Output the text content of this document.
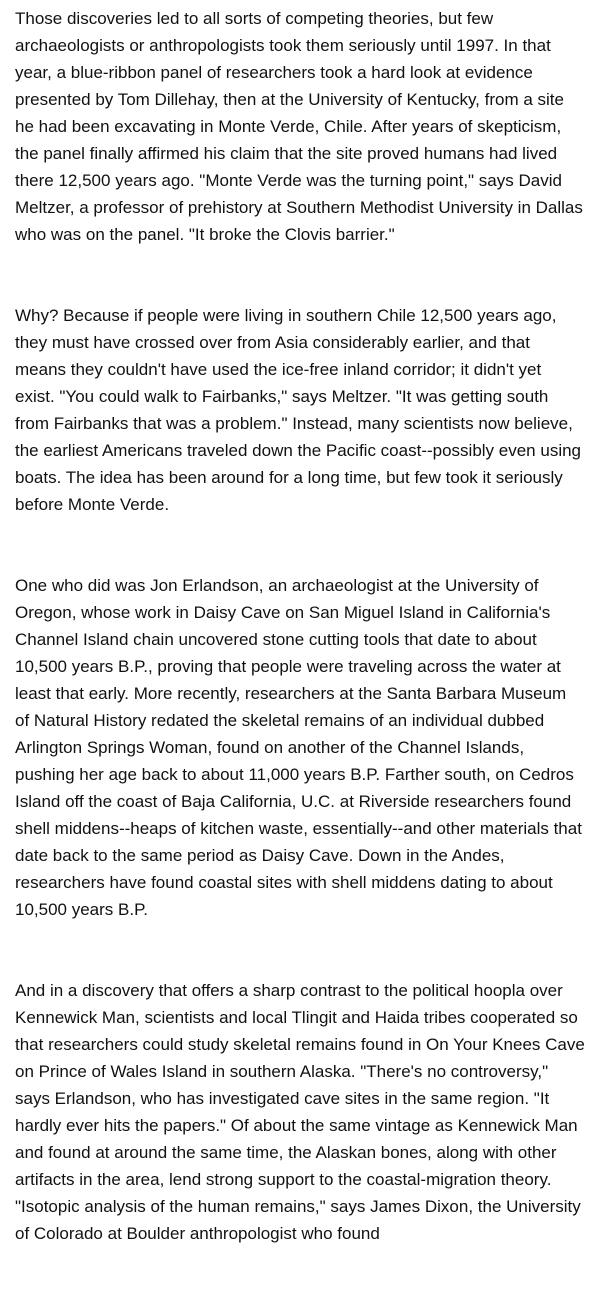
Those discoveries led to all sorts of competing theories, but few archaeologists or anthropologists took them seriously until 1997. In that year, a blue-ribbon panel of researchers took a hard look at evidence presented by Tom Dillehay, then at the University of Kentucky, from a site he had been excavating in Monte Verde, Chile. After years of skepticism, the panel finally affirmed his claim that the site proved humans had lived there 12,500 years ago. "Monte Verde was the turning point," says David Meltzer, a professor of prehistory at Southern Methodist University in Dallas who was on the panel. "It broke the Clovis barrier."

Why? Because if people were living in southern Chile 12,500 years ago, they must have crossed over from Asia considerably earlier, and that means they couldn't have used the ice-free inland corridor; it didn't yet exist. "You could walk to Fairbanks," says Meltzer. "It was getting south from Fairbanks that was a problem." Instead, many scientists now believe, the earliest Americans traveled down the Pacific coast--possibly even using boats. The idea has been around for a long time, but few took it seriously before Monte Verde.

One who did was Jon Erlandson, an archaeologist at the University of Oregon, whose work in Daisy Cave on San Miguel Island in California's Channel Island chain uncovered stone cutting tools that date to about 10,500 years B.P., proving that people were traveling across the water at least that early. More recently, researchers at the Santa Barbara Museum of Natural History redated the skeletal remains of an individual dubbed Arlington Springs Woman, found on another of the Channel Islands, pushing her age back to about 11,000 years B.P. Farther south, on Cedros Island off the coast of Baja California, U.C. at Riverside researchers found shell middens--heaps of kitchen waste, essentially--and other materials that date back to the same period as Daisy Cave. Down in the Andes, researchers have found coastal sites with shell middens dating to about 10,500 years B.P.

And in a discovery that offers a sharp contrast to the political hoopla over Kennewick Man, scientists and local Tlingit and Haida tribes cooperated so that researchers could study skeletal remains found in On Your Knees Cave on Prince of Wales Island in southern Alaska. "There's no controversy," says Erlandson, who has investigated cave sites in the same region. "It hardly ever hits the papers." Of about the same vintage as Kennewick Man and found at around the same time, the Alaskan bones, along with other artifacts in the area, lend strong support to the coastal-migration theory. "Isotopic analysis of the human remains," says James Dixon, the University of Colorado at Boulder anthropologist who found
